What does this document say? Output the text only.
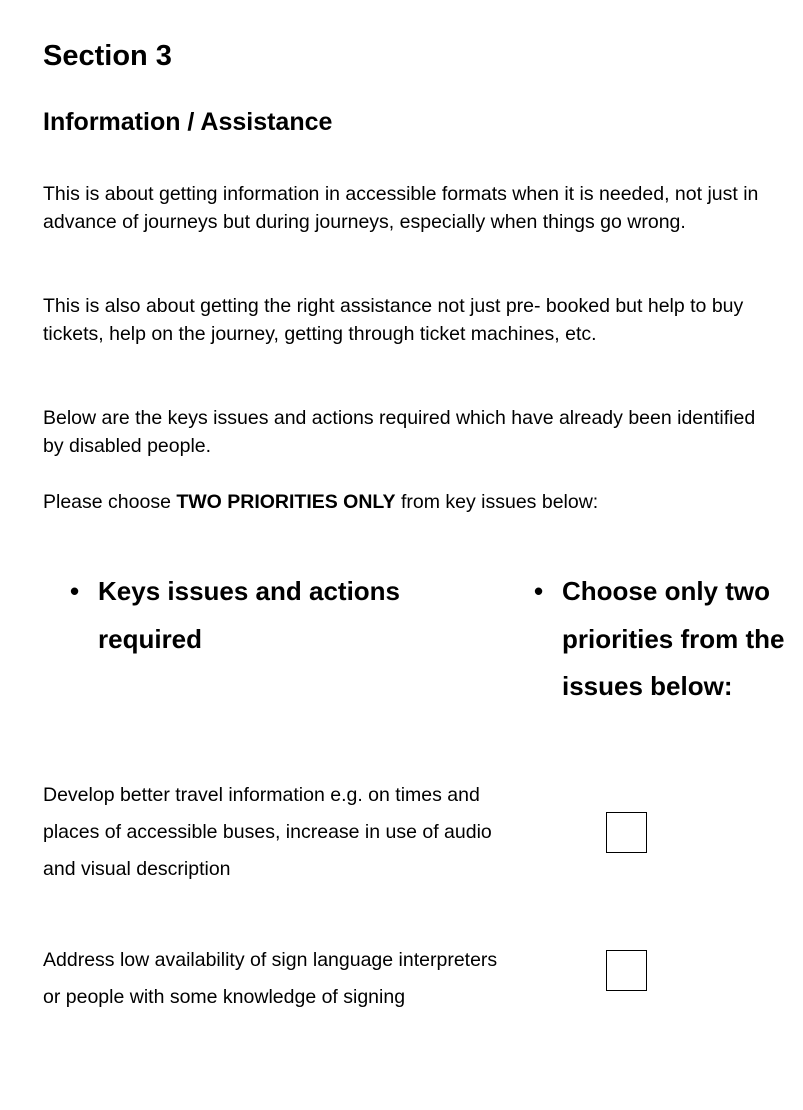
Section 3
Information / Assistance

This is about getting information in accessible formats when it is needed, not just in advance of journeys but during journeys, especially when things go wrong.

This is also about getting the right assistance not just pre- booked but help to buy tickets, help on the journey, getting through ticket machines, etc.

Below are the keys issues and actions required which have already been identified by disabled people.

Please choose TWO PRIORITIES ONLY from key issues below:

• Keys issues and actions required
• Choose only two priorities from the issues below:

Develop better travel information e.g. on times and places of accessible buses, increase in use of audio and visual description

Address low availability of sign language interpreters or people with some knowledge of signing
